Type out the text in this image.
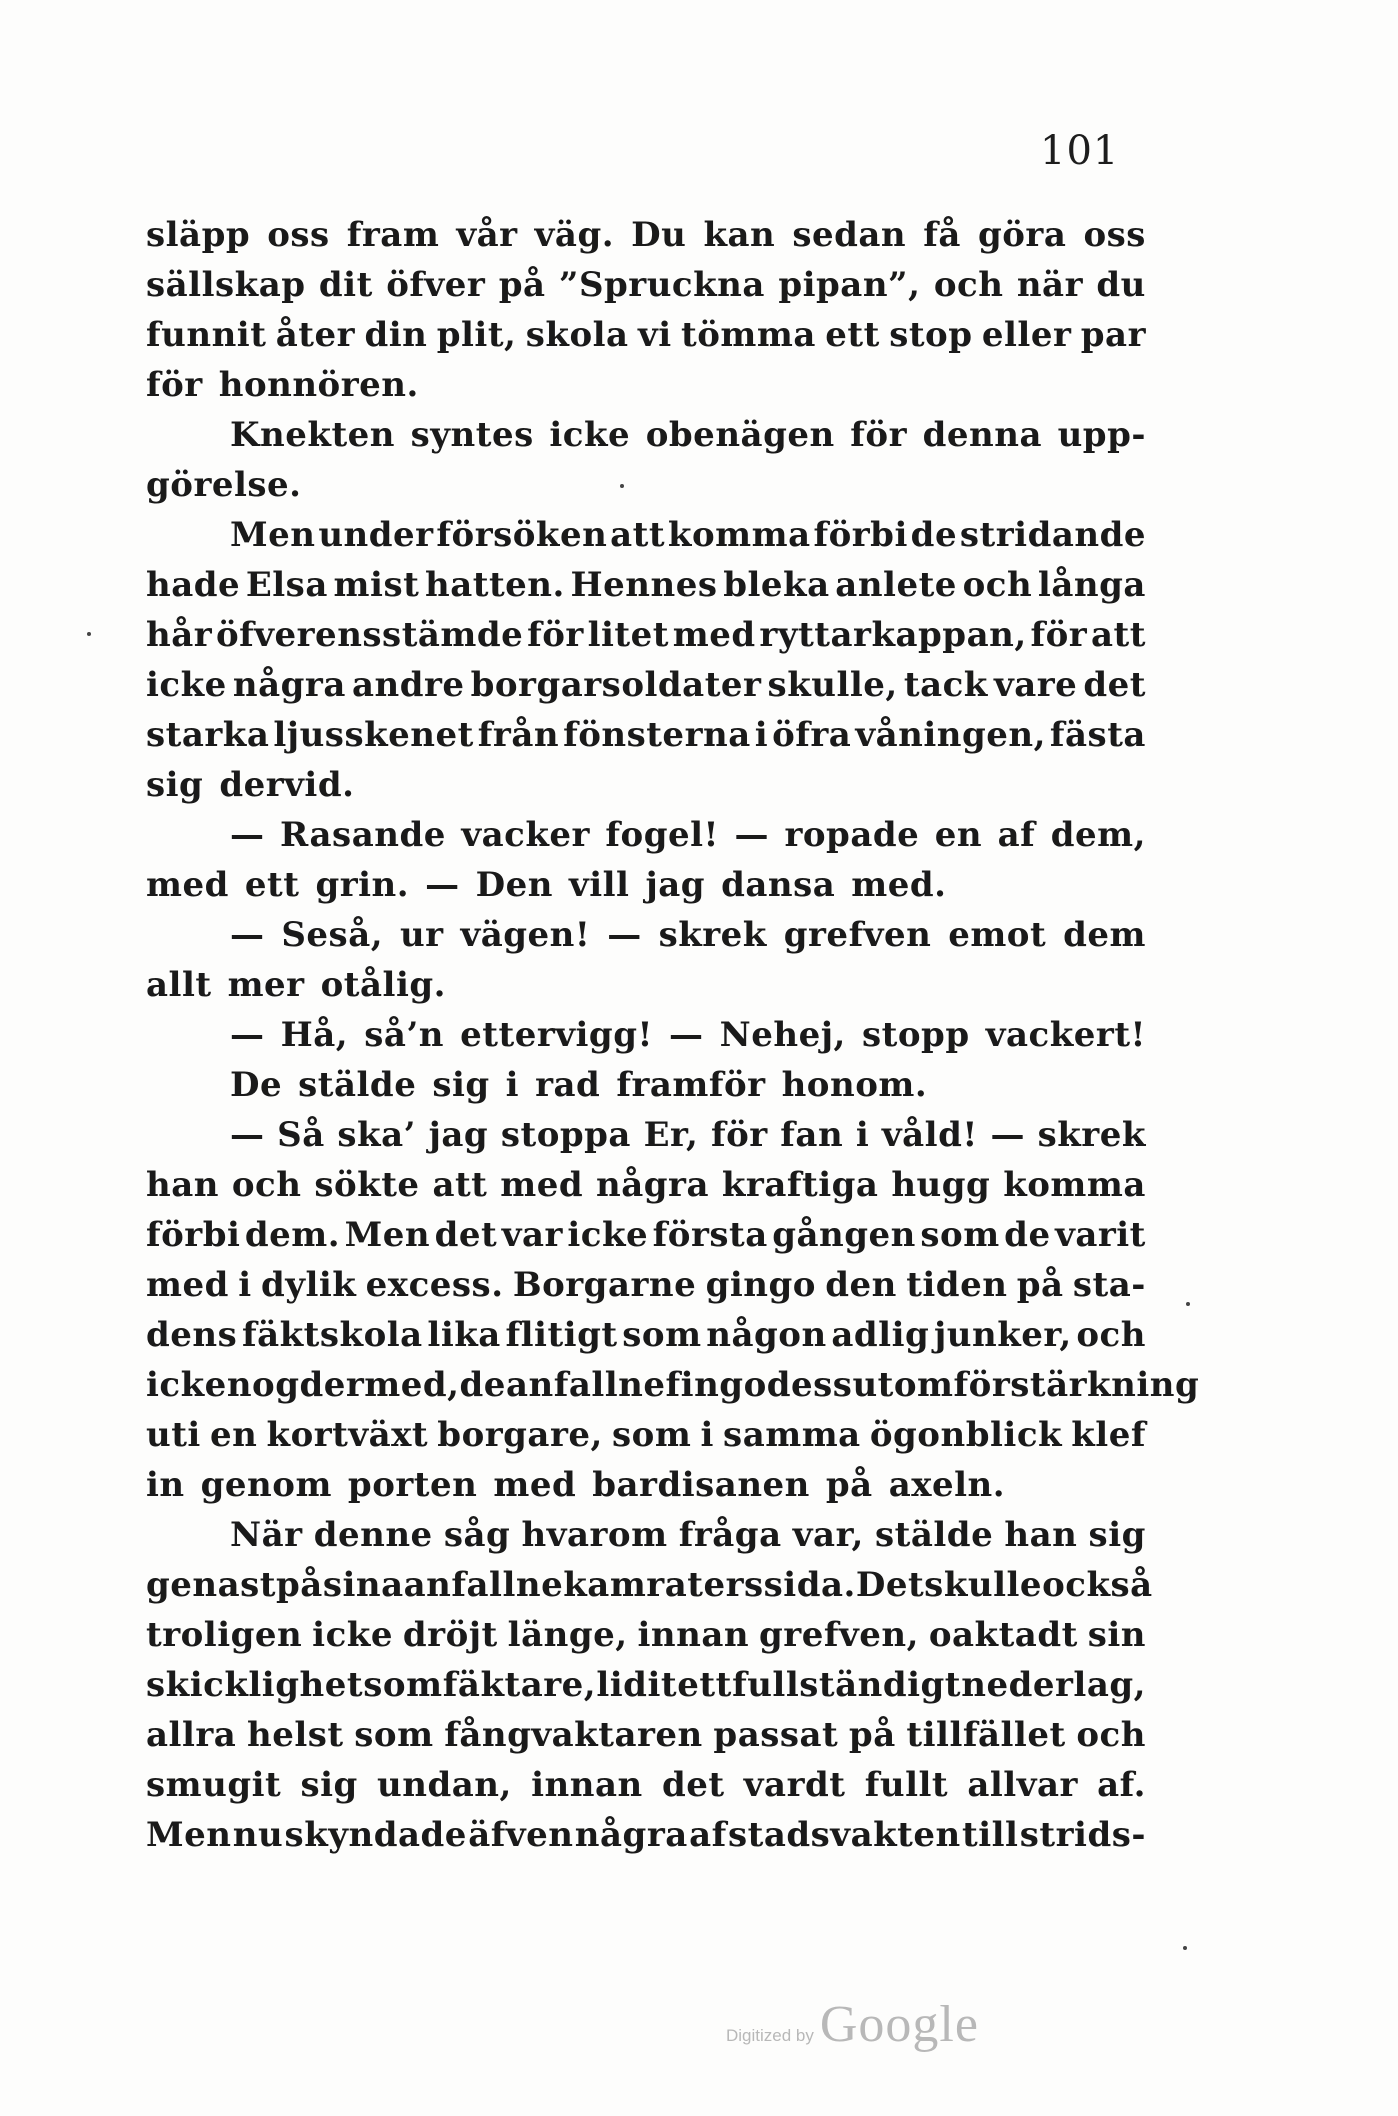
101
släpp oss fram vår väg. Du kan sedan få göra oss
sällskap dit öfver på ”Spruckna pipan”, och när du
funnit åter din plit, skola vi tömma ett stop eller par
för honnören.
Knekten syntes icke obenägen för denna upp-
görelse.
Men under försöken att komma förbi de stridande
hade Elsa mist hatten. Hennes bleka anlete och långa
hår öfverensstämde för litet med ryttarkappan, för att
icke några andre borgarsoldater skulle, tack vare det
starka ljusskenet från fönsterna i öfra våningen, fästa
sig dervid.
— Rasande vacker fogel! — ropade en af dem,
med ett grin. — Den vill jag dansa med.
— Seså, ur vägen! — skrek grefven emot dem
allt mer otålig.
— Hå, så’n ettervigg! — Nehej, stopp vackert!
De stälde sig i rad framför honom.
— Så ska’ jag stoppa Er, för fan i våld! — skrek
han och sökte att med några kraftiga hugg komma
förbi dem. Men det var icke första gången som de varit
med i dylik excess. Borgarne gingo den tiden på sta-
dens fäktskola lika flitigt som någon adlig junker, och
icke nog dermed, de anfallne fingo dess utom förstärkning
uti en kortväxt borgare, som i samma ögonblick klef
in genom porten med bardisanen på axeln.
När denne såg hvarom fråga var, stälde han sig
genast på sina anfallne kamraters sida. Det skulle också
troligen icke dröjt länge, innan grefven, oaktadt sin
skicklighet som fäktare, lidit ett fullständigt nederlag,
allra helst som fångvaktaren passat på tillfället och
smugit sig undan, innan det vardt fullt allvar af.
Men nu skyndade äfven några af stadsvakten till strids-
Digitized by Google
